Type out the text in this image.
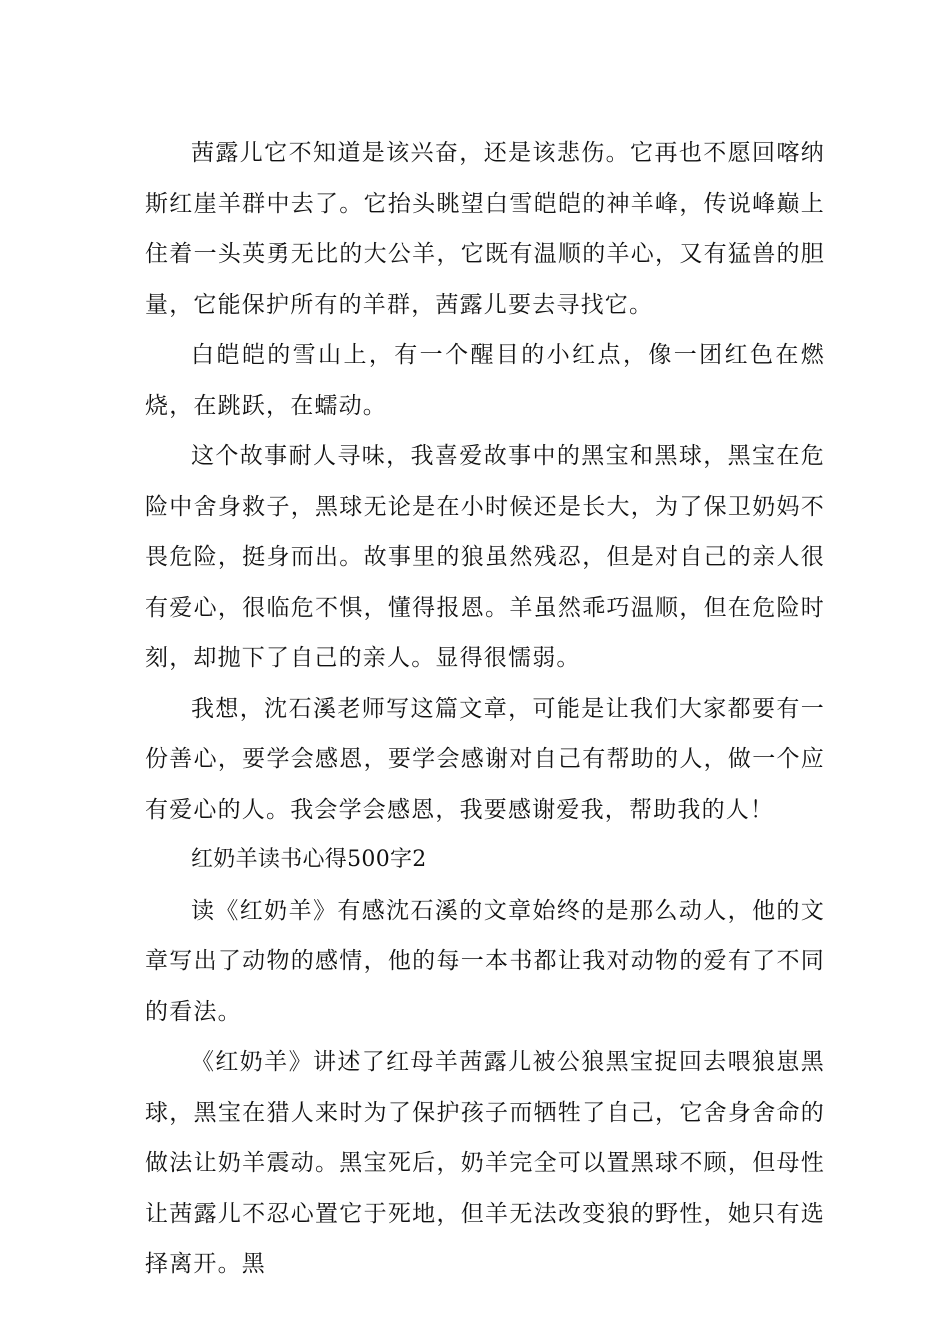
茜露儿它不知道是该兴奋，还是该悲伤。它再也不愿回喀纳斯红崖羊群中去了。它抬头眺望白雪皑皑的神羊峰，传说峰巅上住着一头英勇无比的大公羊，它既有温顺的羊心，又有猛兽的胆量，它能保护所有的羊群，茜露儿要去寻找它。

白皑皑的雪山上，有一个醒目的小红点，像一团红色在燃烧，在跳跃，在蠕动。

这个故事耐人寻味，我喜爱故事中的黑宝和黑球，黑宝在危险中舍身救子，黑球无论是在小时候还是长大，为了保卫奶妈不畏危险，挺身而出。故事里的狼虽然残忍，但是对自己的亲人很有爱心，很临危不惧，懂得报恩。羊虽然乖巧温顺，但在危险时刻，却抛下了自己的亲人。显得很懦弱。

我想，沈石溪老师写这篇文章，可能是让我们大家都要有一份善心，要学会感恩，要学会感谢对自己有帮助的人，做一个应有爱心的人。我会学会感恩，我要感谢爱我，帮助我的人！

红奶羊读书心得500字2

读《红奶羊》有感沈石溪的文章始终的是那么动人，他的文章写出了动物的感情，他的每一本书都让我对动物的爱有了不同的看法。

《红奶羊》讲述了红母羊茜露儿被公狼黑宝捉回去喂狼崽黑球，黑宝在猎人来时为了保护孩子而牺牲了自己，它舍身舍命的做法让奶羊震动。黑宝死后，奶羊完全可以置黑球不顾，但母性让茜露儿不忍心置它于死地，但羊无法改变狼的野性，她只有选择离开。黑
